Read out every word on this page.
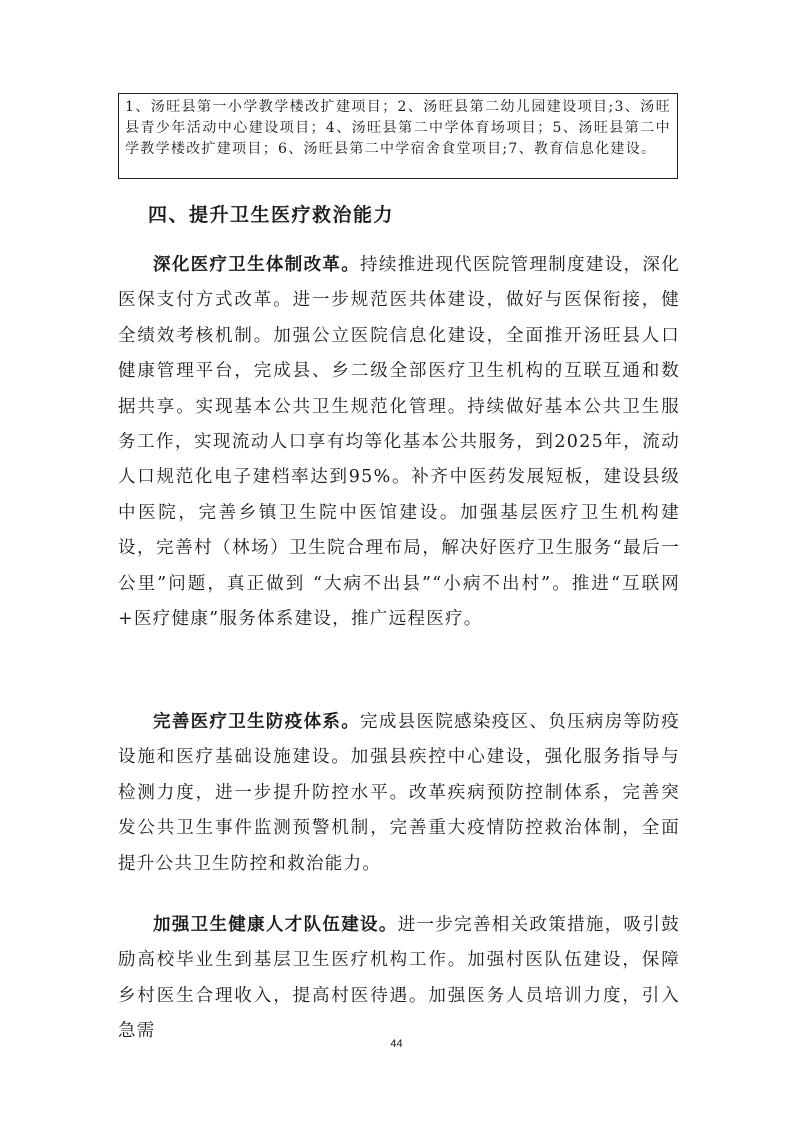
1、汤旺县第一小学教学楼改扩建项目；2、汤旺县第二幼儿园建设项目;3、汤旺县青少年活动中心建设项目；4、汤旺县第二中学体育场项目；5、汤旺县第二中学教学楼改扩建项目；6、汤旺县第二中学宿舍食堂项目;7、教育信息化建设。
四、提升卫生医疗救治能力

深化医疗卫生体制改革。持续推进现代医院管理制度建设，深化医保支付方式改革。进一步规范医共体建设，做好与医保衔接，健全绩效考核机制。加强公立医院信息化建设，全面推开汤旺县人口健康管理平台，完成县、乡二级全部医疗卫生机构的互联互通和数据共享。实现基本公共卫生规范化管理。持续做好基本公共卫生服务工作，实现流动人口享有均等化基本公共服务，到2025年，流动人口规范化电子建档率达到95%。补齐中医药发展短板，建设县级中医院，完善乡镇卫生院中医馆建设。加强基层医疗卫生机构建设，完善村（林场）卫生院合理布局，解决好医疗卫生服务“最后一公里”问题，真正做到 “大病不出县”“小病不出村”。推进“互联网+医疗健康”服务体系建设，推广远程医疗。

完善医疗卫生防疫体系。完成县医院感染疫区、负压病房等防疫设施和医疗基础设施建设。加强县疾控中心建设，强化服务指导与检测力度，进一步提升防控水平。改革疾病预防控制体系，完善突发公共卫生事件监测预警机制，完善重大疫情防控救治体制，全面提升公共卫生防控和救治能力。

加强卫生健康人才队伍建设。进一步完善相关政策措施，吸引鼓励高校毕业生到基层卫生医疗机构工作。加强村医队伍建设，保障乡村医生合理收入，提高村医待遇。加强医务人员培训力度，引入急需

44
